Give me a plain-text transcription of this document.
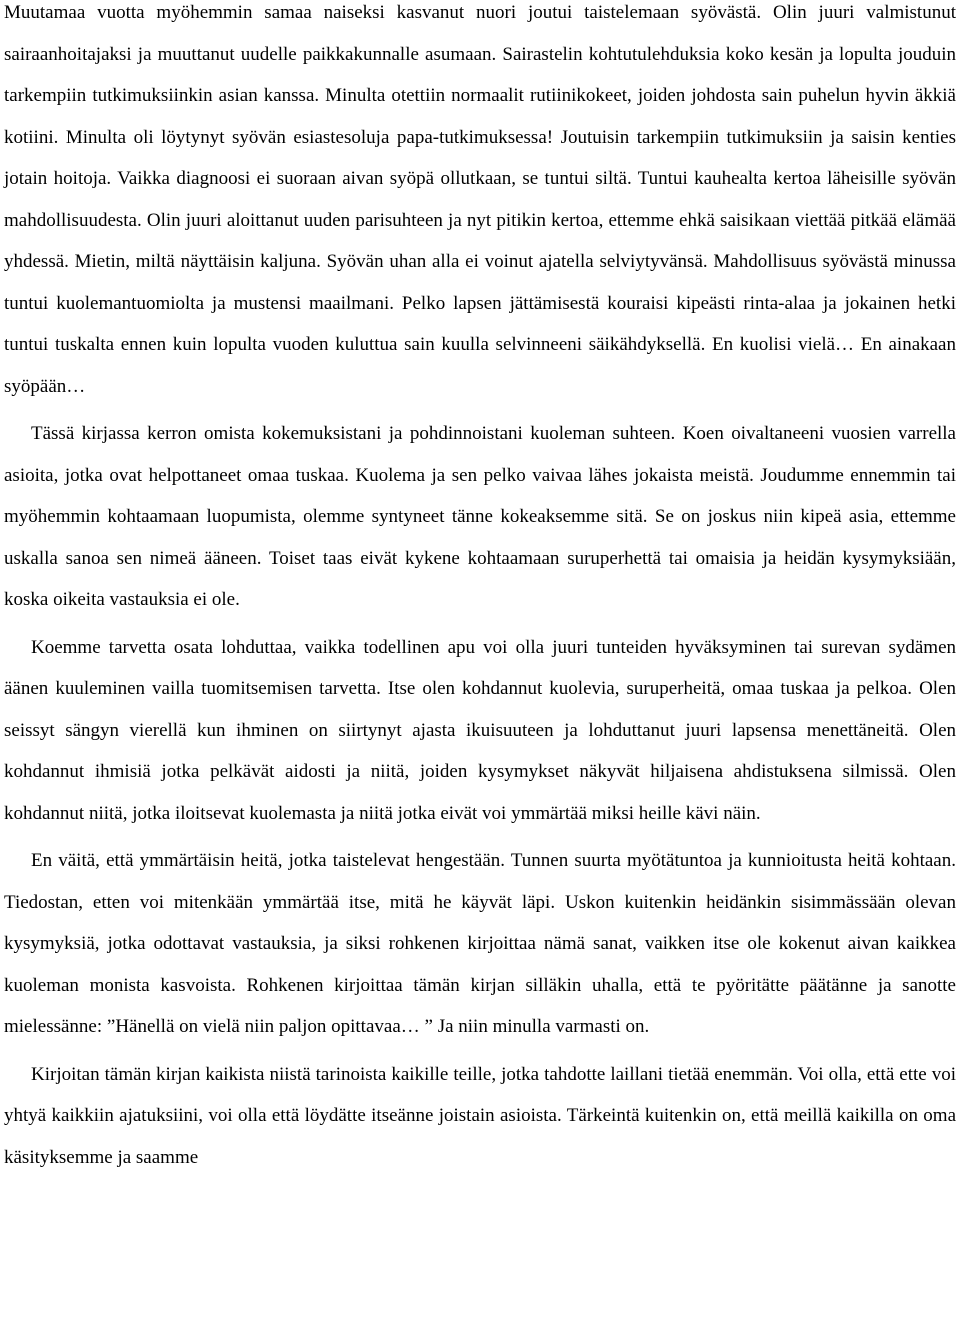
Muutamaa vuotta myöhemmin samaa naiseksi kasvanut nuori joutui taistelemaan syövästä. Olin juuri valmistunut sairaanhoitajaksi ja muuttanut uudelle paikkakunnalle asumaan. Sairastelin kohtutulehduksia koko kesän ja lopulta jouduin tarkempiin tutkimuksiinkin asian kanssa. Minulta otettiin normaalit rutiinikokeet, joiden johdosta sain puhelun hyvin äkkiä kotiini. Minulta oli löytynyt syövän esiastesoluja papa-tutkimuksessa! Joutuisin tarkempiin tutkimuksiin ja saisin kenties jotain hoitoja. Vaikka diagnoosi ei suoraan aivan syöpä ollutkaan, se tuntui siltä. Tuntui kauhealta kertoa läheisille syövän mahdollisuudesta. Olin juuri aloittanut uuden parisuhteen ja nyt pitikin kertoa, ettemme ehkä saisikaan viettää pitkää elämää yhdessä. Mietin, miltä näyttäisin kaljuna. Syövän uhan alla ei voinut ajatella selviytyvänsä. Mahdollisuus syövästä minussa tuntui kuolemantuomiolta ja mustensi maailmani. Pelko lapsen jättämisestä kouraisi kipeästi rinta-alaa ja jokainen hetki tuntui tuskalta ennen kuin lopulta vuoden kuluttua sain kuulla selvinneeni säikähdyksellä. En kuolisi vielä… En ainakaan syöpään…

Tässä kirjassa kerron omista kokemuksistani ja pohdinnoistani kuoleman suhteen. Koen oivaltaneeni vuosien varrella asioita, jotka ovat helpottaneet omaa tuskaa. Kuolema ja sen pelko vaivaa lähes jokaista meistä. Joudumme ennemmin tai myöhemmin kohtaamaan luopumista, olemme syntyneet tänne kokeaksemme sitä. Se on joskus niin kipeä asia, ettemme uskalla sanoa sen nimeä ääneen. Toiset taas eivät kykene kohtaamaan suruperhettä tai omaisia ja heidän kysymyksiään, koska oikeita vastauksia ei ole.

Koemme tarvetta osata lohduttaa, vaikka todellinen apu voi olla juuri tunteiden hyväksyminen tai surevan sydämen äänen kuuleminen vailla tuomitsemisen tarvetta. Itse olen kohdannut kuolevia, suruperheitä, omaa tuskaa ja pelkoa. Olen seissyt sängyn vierellä kun ihminen on siirtynyt ajasta ikuisuuteen ja lohduttanut juuri lapsensa menettäneitä. Olen kohdannut ihmisiä jotka pelkävät aidosti ja niitä, joiden kysymykset näkyvät hiljaisena ahdistuksena silmissä. Olen kohdannut niitä, jotka iloitsevat kuolemasta ja niitä jotka eivät voi ymmärtää miksi heille kävi näin.

En väitä, että ymmärtäisin heitä, jotka taistelevat hengestään. Tunnen suurta myötätuntoa ja kunnioitusta heitä kohtaan. Tiedostan, etten voi mitenkään ymmärtää itse, mitä he käyvät läpi. Uskon kuitenkin heidänkin sisimmässään olevan kysymyksiä, jotka odottavat vastauksia, ja siksi rohkenen kirjoittaa nämä sanat, vaikken itse ole kokenut aivan kaikkea kuoleman monista kasvoista. Rohkenen kirjoittaa tämän kirjan silläkin uhalla, että te pyöritätte päätänne ja sanotte mielessänne: ”Hänellä on vielä niin paljon opittavaa… ” Ja niin minulla varmasti on.

Kirjoitan tämän kirjan kaikista niistä tarinoista kaikille teille, jotka tahdotte laillani tietää enemmän. Voi olla, että ette voi yhtyä kaikkiin ajatuksiini, voi olla että löydätte itseänne joistain asioista. Tärkeintä kuitenkin on, että meillä kaikilla on oma käsityksemme ja saamme
